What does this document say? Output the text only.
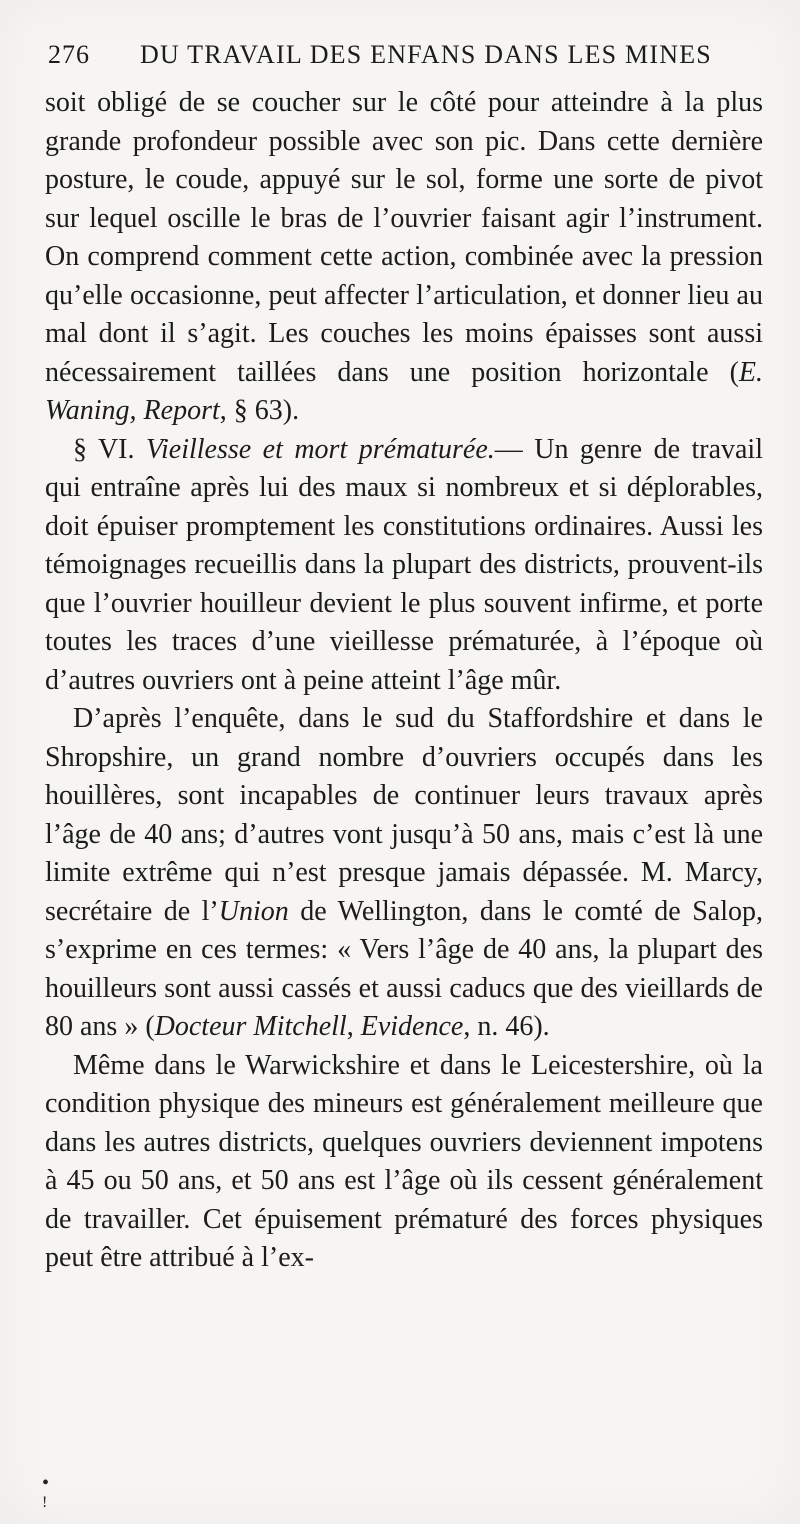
276 DU TRAVAIL DES ENFANS DANS LES MINES

soit obligé de se coucher sur le côté pour atteindre à la plus grande profondeur possible avec son pic. Dans cette dernière posture, le coude, appuyé sur le sol, forme une sorte de pivot sur lequel oscille le bras de l’ouvrier faisant agir l’instrument. On comprend comment cette action, combinée avec la pression qu’elle occasionne, peut affecter l’articulation, et donner lieu au mal dont il s’agit. Les couches les moins épaisses sont aussi nécessairement taillées dans une position horizontale (E. Waning, Report, § 63).

§ VI. Vieillesse et mort prématurée.— Un genre de travail qui entraîne après lui des maux si nombreux et si déplorables, doit épuiser promptement les constitutions ordinaires. Aussi les témoignages recueillis dans la plupart des districts, prouvent-ils que l’ouvrier houilleur devient le plus souvent infirme, et porte toutes les traces d’une vieillesse prématurée, à l’époque où d’autres ouvriers ont à peine atteint l’âge mûr.

D’après l’enquête, dans le sud du Staffordshire et dans le Shropshire, un grand nombre d’ouvriers occupés dans les houillères, sont incapables de continuer leurs travaux après l’âge de 40 ans; d’autres vont jusqu’à 50 ans, mais c’est là une limite extrême qui n’est presque jamais dépassée. M. Marcy, secrétaire de l’Union de Wellington, dans le comté de Salop, s’exprime en ces termes: « Vers l’âge de 40 ans, la plupart des houilleurs sont aussi cassés et aussi caducs que des vieillards de 80 ans » (Docteur Mitchell, Evidence, n. 46).

Même dans le Warwickshire et dans le Leicestershire, où la condition physique des mineurs est généralement meilleure que dans les autres districts, quelques ouvriers deviennent impotens à 45 ou 50 ans, et 50 ans est l’âge où ils cessent généralement de travailler. Cet épuisement prématuré des forces physiques peut être attribué à l’ex-

•
ǃ
